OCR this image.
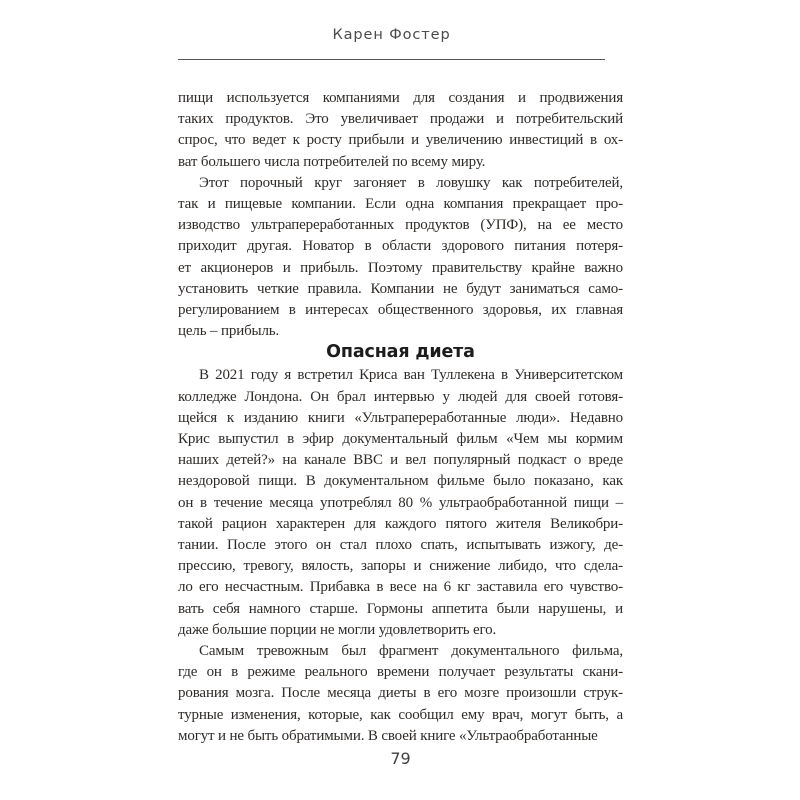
Карен Фостер
пищи используется компаниями для создания и продвижения
таких продуктов. Это увеличивает продажи и потребительский
спрос, что ведет к росту прибыли и увеличению инвестиций в ох-
ват большего числа потребителей по всему миру.
Этот порочный круг загоняет в ловушку как потребителей,
так и пищевые компании. Если одна компания прекращает про-
изводство ультрапереработанных продуктов (УПФ), на ее место
приходит другая. Новатор в области здорового питания потеря-
ет акционеров и прибыль. Поэтому правительству крайне важно
установить четкие правила. Компании не будут заниматься само-
регулированием в интересах общественного здоровья, их главная
цель – прибыль.
Опасная диета
В 2021 году я встретил Криса ван Туллекена в Университетском
колледже Лондона. Он брал интервью у людей для своей готовя-
щейся к изданию книги «Ультрапереработанные люди». Недавно
Крис выпустил в эфир документальный фильм «Чем мы кормим
наших детей?» на канале BBC и вел популярный подкаст о вреде
нездоровой пищи. В документальном фильме было показано, как
он в течение месяца употреблял 80 % ультраобработанной пищи –
такой рацион характерен для каждого пятого жителя Великобри-
тании. После этого он стал плохо спать, испытывать изжогу, де-
прессию, тревогу, вялость, запоры и снижение либидо, что сдела-
ло его несчастным. Прибавка в весе на 6 кг заставила его чувство-
вать себя намного старше. Гормоны аппетита были нарушены, и
даже большие порции не могли удовлетворить его.
Самым тревожным был фрагмент документального фильма,
где он в режиме реального времени получает результаты скани-
рования мозга. После месяца диеты в его мозге произошли струк-
турные изменения, которые, как сообщил ему врач, могут быть, а
могут и не быть обратимыми. В своей книге «Ультраобработанные
79
